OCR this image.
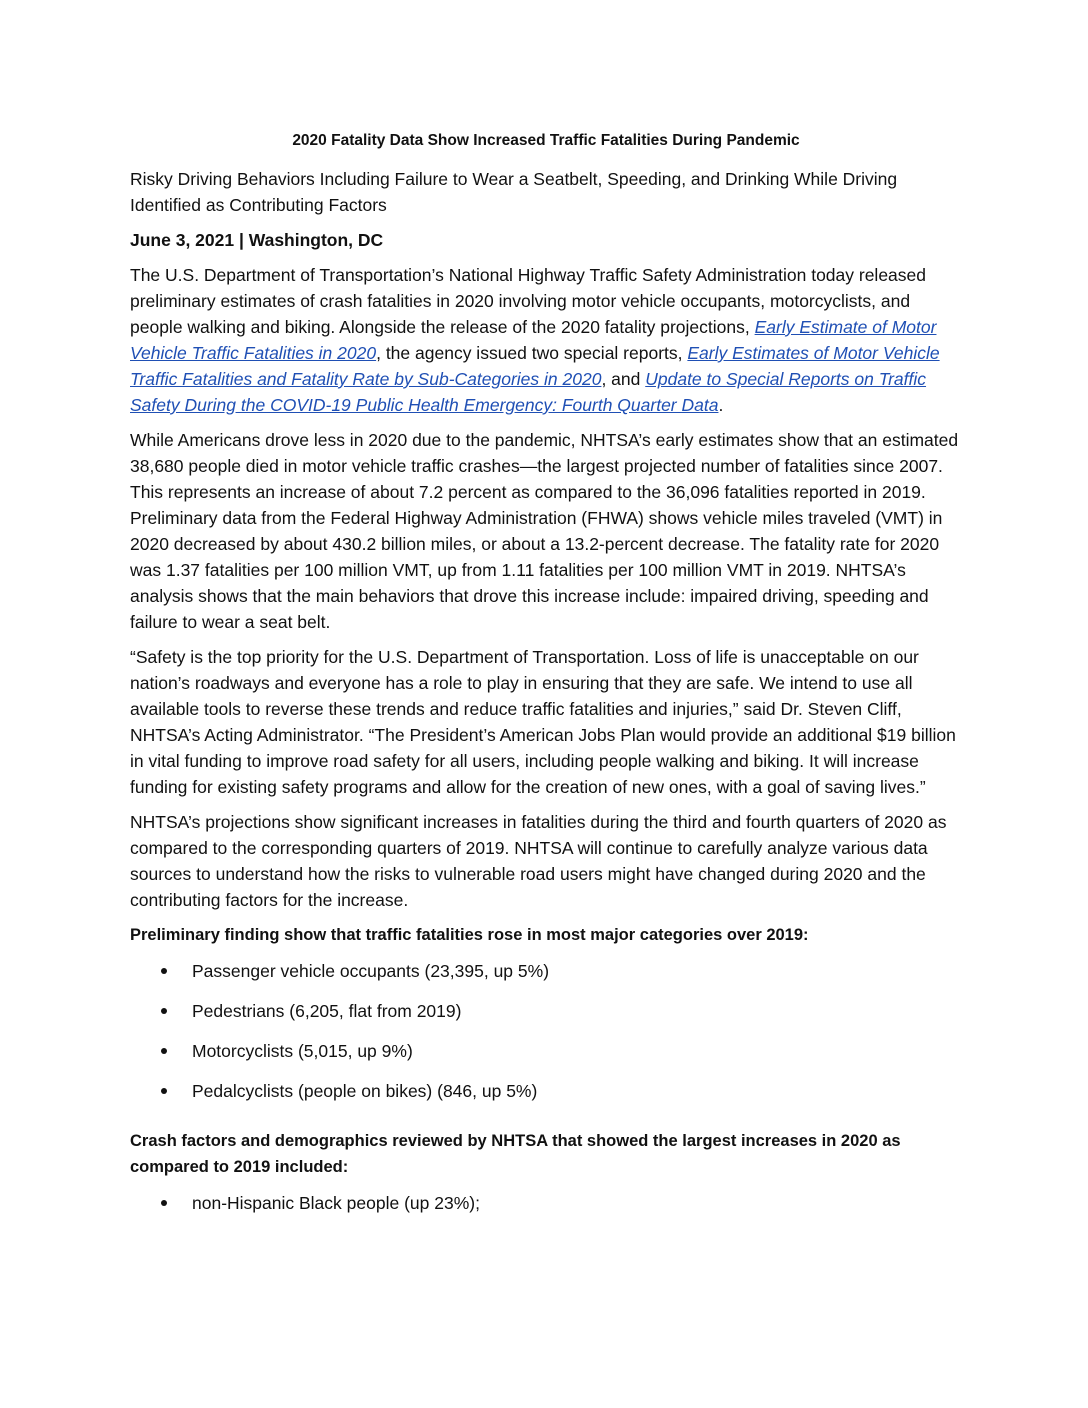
2020 Fatality Data Show Increased Traffic Fatalities During Pandemic

Risky Driving Behaviors Including Failure to Wear a Seatbelt, Speeding, and Drinking While Driving Identified as Contributing Factors

June 3, 2021 | Washington, DC

The U.S. Department of Transportation’s National Highway Traffic Safety Administration today released preliminary estimates of crash fatalities in 2020 involving motor vehicle occupants, motorcyclists, and people walking and biking. Alongside the release of the 2020 fatality projections, Early Estimate of Motor Vehicle Traffic Fatalities in 2020, the agency issued two special reports, Early Estimates of Motor Vehicle Traffic Fatalities and Fatality Rate by Sub-Categories in 2020, and Update to Special Reports on Traffic Safety During the COVID-19 Public Health Emergency: Fourth Quarter Data.

While Americans drove less in 2020 due to the pandemic, NHTSA’s early estimates show that an estimated 38,680 people died in motor vehicle traffic crashes—the largest projected number of fatalities since 2007. This represents an increase of about 7.2 percent as compared to the 36,096 fatalities reported in 2019. Preliminary data from the Federal Highway Administration (FHWA) shows vehicle miles traveled (VMT) in 2020 decreased by about 430.2 billion miles, or about a 13.2-percent decrease. The fatality rate for 2020 was 1.37 fatalities per 100 million VMT, up from 1.11 fatalities per 100 million VMT in 2019. NHTSA’s analysis shows that the main behaviors that drove this increase include: impaired driving, speeding and failure to wear a seat belt.

“Safety is the top priority for the U.S. Department of Transportation. Loss of life is unacceptable on our nation’s roadways and everyone has a role to play in ensuring that they are safe. We intend to use all available tools to reverse these trends and reduce traffic fatalities and injuries,” said Dr. Steven Cliff, NHTSA’s Acting Administrator. “The President’s American Jobs Plan would provide an additional $19 billion in vital funding to improve road safety for all users, including people walking and biking. It will increase funding for existing safety programs and allow for the creation of new ones, with a goal of saving lives.”

NHTSA’s projections show significant increases in fatalities during the third and fourth quarters of 2020 as compared to the corresponding quarters of 2019. NHTSA will continue to carefully analyze various data sources to understand how the risks to vulnerable road users might have changed during 2020 and the contributing factors for the increase.

Preliminary finding show that traffic fatalities rose in most major categories over 2019:

Passenger vehicle occupants (23,395, up 5%)
Pedestrians (6,205, flat from 2019)
Motorcyclists (5,015, up 9%)
Pedalcyclists (people on bikes) (846, up 5%)

Crash factors and demographics reviewed by NHTSA that showed the largest increases in 2020 as compared to 2019 included:

non-Hispanic Black people (up 23%);
